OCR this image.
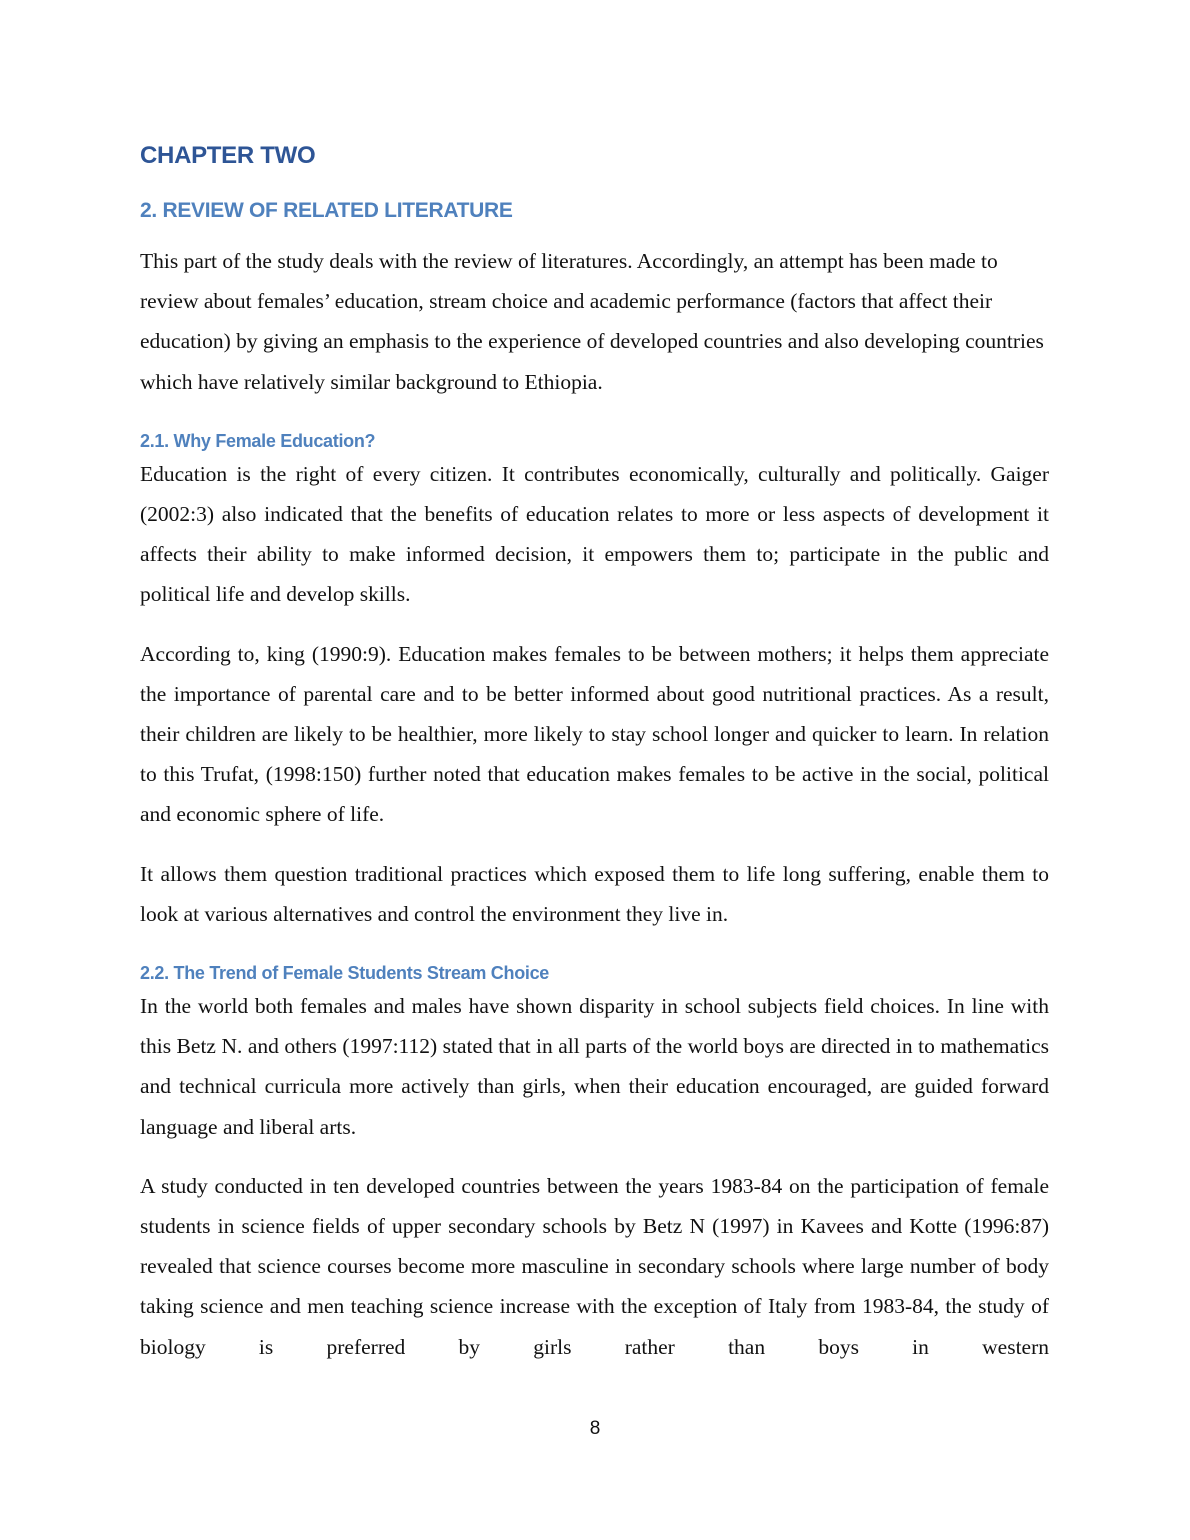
CHAPTER TWO
2. REVIEW OF RELATED LITERATURE

This part of the study deals with the review of literatures. Accordingly, an attempt has been made to review about females’ education, stream choice and academic performance (factors that affect their education) by giving an emphasis to the experience of developed countries and also developing countries which have relatively similar background to Ethiopia.

2.1. Why Female Education?

Education is the right of every citizen. It contributes economically, culturally and politically. Gaiger (2002:3) also indicated that the benefits of education relates to more or less aspects of development it affects their ability to make informed decision, it empowers them to; participate in the public and political life and develop skills.

According to, king (1990:9). Education makes females to be between mothers; it helps them appreciate the importance of parental care and to be better informed about good nutritional practices. As a result, their children are likely to be healthier, more likely to stay school longer and quicker to learn. In relation to this Trufat, (1998:150) further noted that education makes females to be active in the social, political and economic sphere of life.

It allows them question traditional practices which exposed them to life long suffering, enable them to look at various alternatives and control the environment they live in.

2.2. The Trend of Female Students Stream Choice

In the world both females and males have shown disparity in school subjects field choices. In line with this Betz N. and others (1997:112) stated that in all parts of the world boys are directed in to mathematics and technical curricula more actively than girls, when their education encouraged, are guided forward language and liberal arts.

A study conducted in ten developed countries between the years 1983-84 on the participation of female students in science fields of upper secondary schools by Betz N (1997) in Kavees and Kotte (1996:87) revealed that science courses become more masculine in secondary schools where large number of body taking science and men teaching science increase with the exception of Italy from 1983-84, the study of biology is preferred by girls rather than boys in western

8
